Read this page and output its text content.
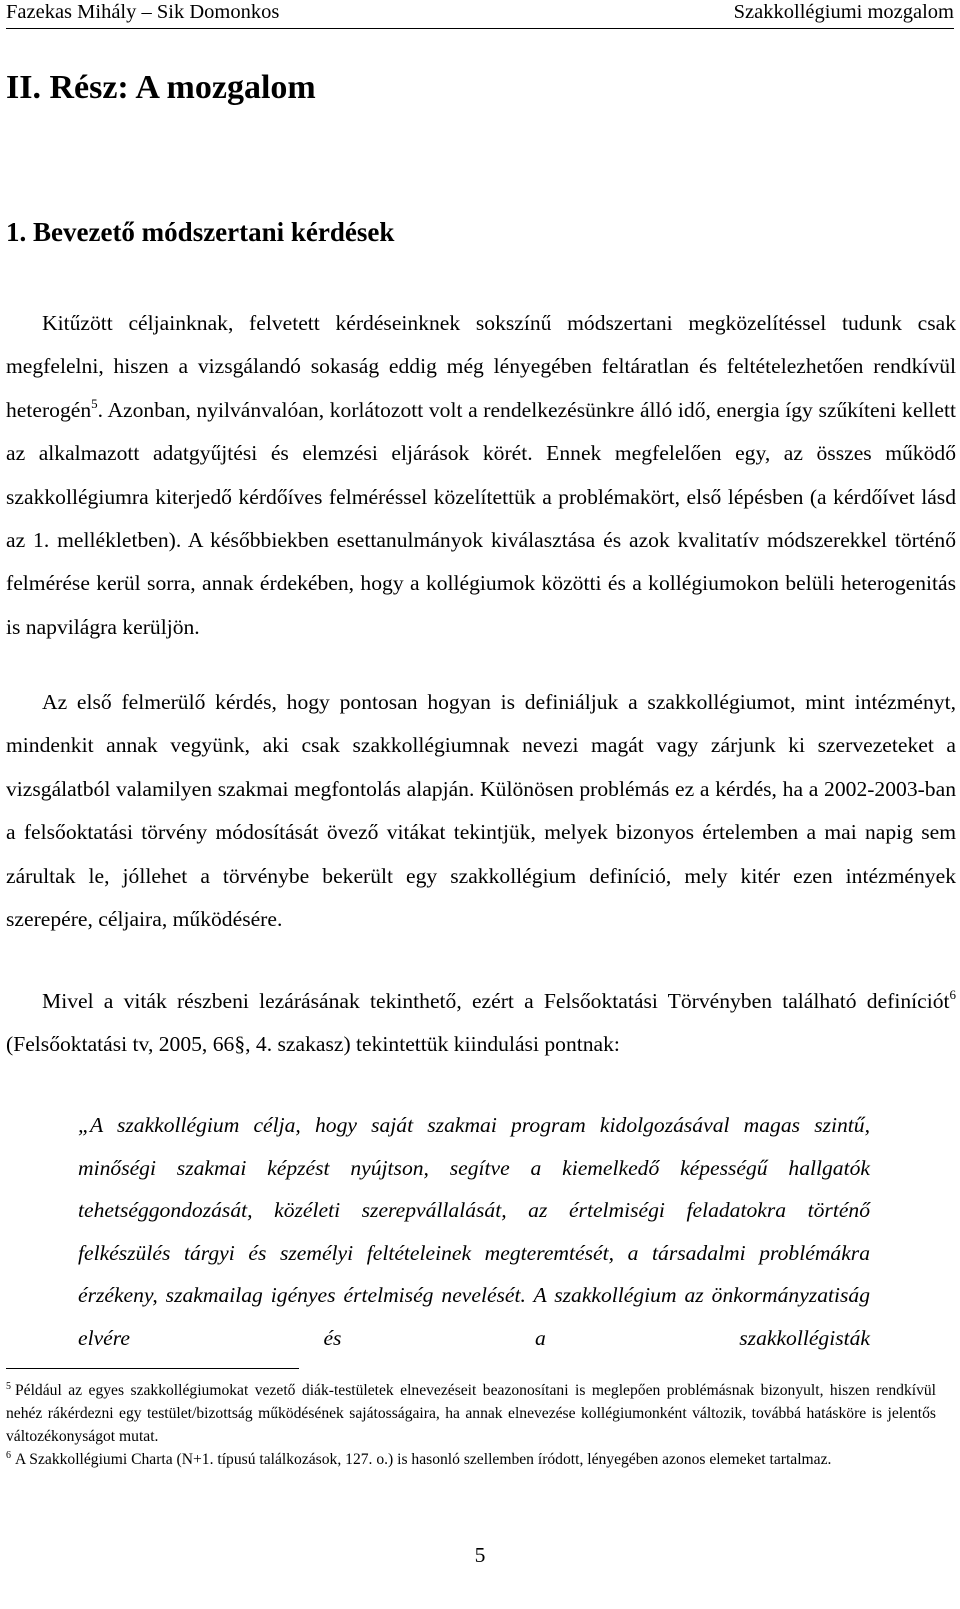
Fazekas Mihály – Sik Domonkos	Szakkollégiumi mozgalom
II. Rész: A mozgalom
1. Bevezető módszertani kérdések

Kitűzött céljainknak, felvetett kérdéseinknek sokszínű módszertani megközelítéssel tudunk csak megfelelni, hiszen a vizsgálandó sokaság eddig még lényegében feltáratlan és feltételezhetően rendkívül heterogén$^5$. Azonban, nyilvánvalóan, korlátozott volt a rendelkezésünkre álló idő, energia így szűkíteni kellett az alkalmazott adatgyűjtési és elemzési eljárások körét. Ennek megfelelően egy, az összes működő szakkollégiumra kiterjedő kérdőíves felméréssel közelítettük a problémakört, első lépésben (a kérdőívet lásd az 1. mellékletben). A későbbiekben esettanulmányok kiválasztása és azok kvalitatív módszerekkel történő felmérése kerül sorra, annak érdekében, hogy a kollégiumok közötti és a kollégiumokon belüli heterogenitás is napvilágra kerüljön.

Az első felmerülő kérdés, hogy pontosan hogyan is definiáljuk a szakkollégiumot, mint intézményt, mindenkit annak vegyünk, aki csak szakkollégiumnak nevezi magát vagy zárjunk ki szervezeteket a vizsgálatból valamilyen szakmai megfontolás alapján. Különösen problémás ez a kérdés, ha a 2002-2003-ban a felsőoktatási törvény módosítását övező vitákat tekintjük, melyek bizonyos értelemben a mai napig sem zárultak le, jóllehet a törvénybe bekerült egy szakkollégium definíció, mely kitér ezen intézmények szerepére, céljaira, működésére.

Mivel a viták részbeni lezárásának tekinthető, ezért a Felsőoktatási Törvényben található definíciót$^6$ (Felsőoktatási tv, 2005, 66§, 4. szakasz) tekintettük kiindulási pontnak:

„A szakkollégium célja, hogy saját szakmai program kidolgozásával magas szintű, minőségi szakmai képzést nyújtson, segítve a kiemelkedő képességű hallgatók tehetséggondozását, közéleti szerepvállalását, az értelmiségi feladatokra történő felkészülés tárgyi és személyi feltételeinek megteremtését, a társadalmi problémákra érzékeny, szakmailag igényes értelmiség nevelését. A szakkollégium az önkormányzatiság elvére és a szakkollégisták

$^5$ Például az egyes szakkollégiumokat vezető diák-testületek elnevezéseit beazonosítani is meglepően problémásnak bizonyult, hiszen rendkívül nehéz rákérdezni egy testület/bizottság működésének sajátosságaira, ha annak elnevezése kollégiumonként változik, továbbá hatásköre is jelentős változékonyságot mutat.

$^6$ A Szakkollégiumi Charta (N+1. típusú találkozások, 127. o.) is hasonló szellemben íródott, lényegében azonos elemeket tartalmaz.

5
